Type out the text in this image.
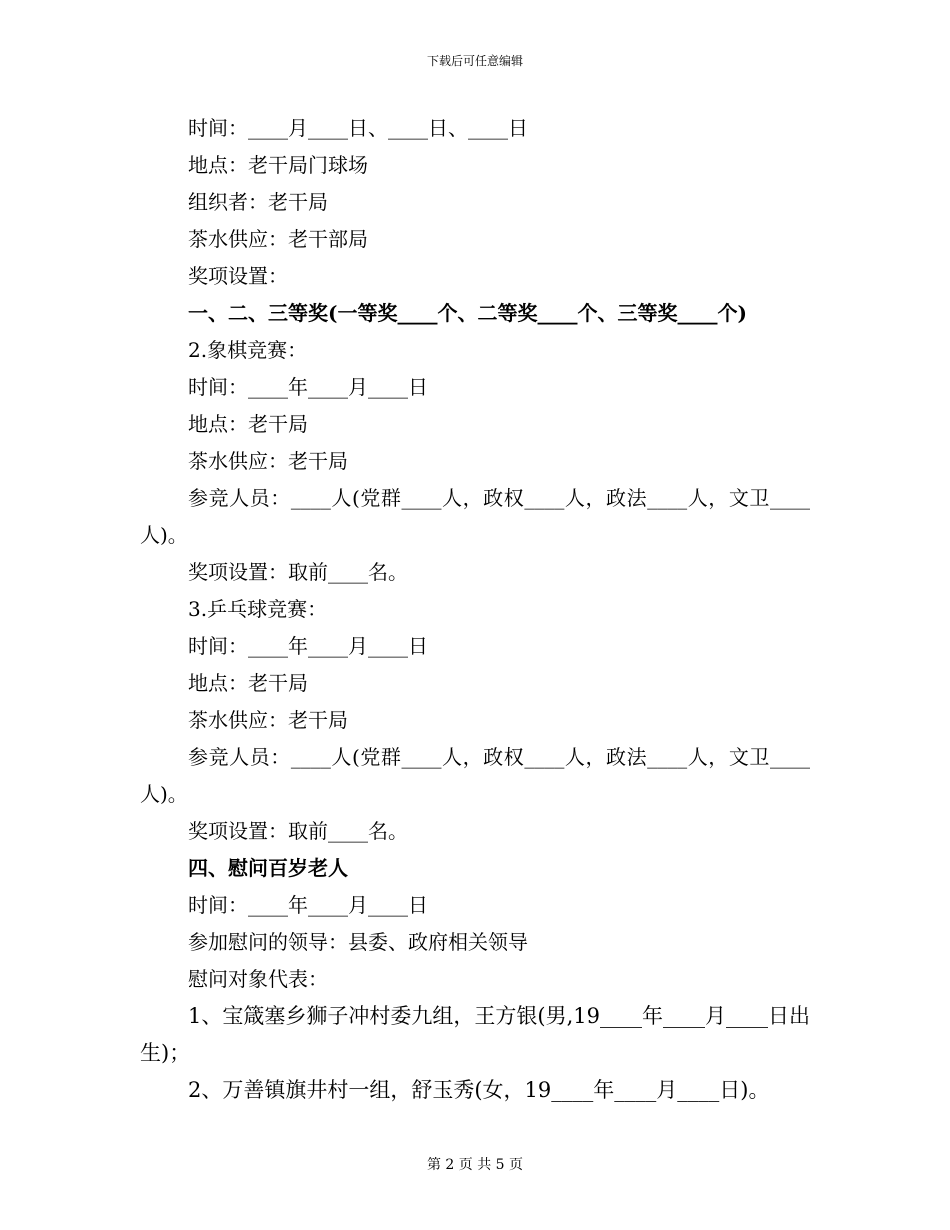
下载后可任意编辑
时间：____月____日、____日、____日
地点：老干局门球场
组织者：老干局
茶水供应：老干部局
奖项设置：
一、二、三等奖(一等奖____个、二等奖____个、三等奖____个)
2.象棋竞赛：
时间：____年____月____日
地点：老干局
茶水供应：老干局
参竞人员：____人(党群____人，政权____人，政法____人，文卫____人)。
奖项设置：取前____名。
3.乒乓球竞赛：
时间：____年____月____日
地点：老干局
茶水供应：老干局
参竞人员：____人(党群____人，政权____人，政法____人，文卫____人)。
奖项设置：取前____名。
四、慰问百岁老人
时间：____年____月____日
参加慰问的领导：县委、政府相关领导
慰问对象代表：
1、宝箴塞乡狮子冲村委九组，王方银(男,19____年____月____日出生)；
2、万善镇旗井村一组，舒玉秀(女，19____年____月____日)。
第 2 页 共 5 页
